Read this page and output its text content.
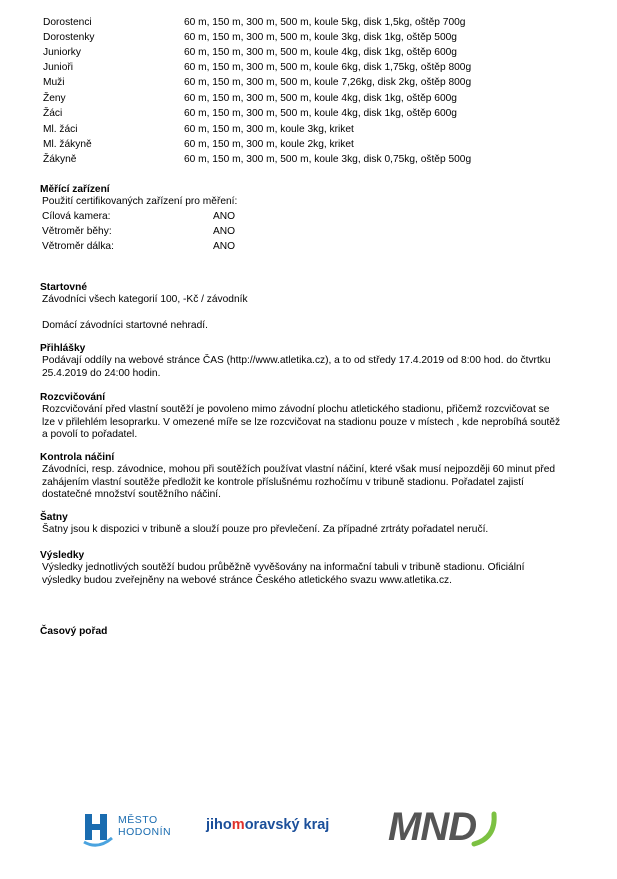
Dorostenci	60 m, 150 m, 300 m, 500 m, koule 5kg, disk 1,5kg, oštěp 700g
Dorostenky	60 m, 150 m, 300 m, 500 m, koule 3kg, disk 1kg, oštěp 500g
Juniorky	60 m, 150 m, 300 m, 500 m, koule 4kg, disk 1kg, oštěp 600g
Junioři	60 m, 150 m, 300 m, 500 m, koule 6kg, disk 1,75kg, oštěp 800g
Muži	60 m, 150 m, 300 m, 500 m, koule 7,26kg, disk 2kg, oštěp 800g
Ženy	60 m, 150 m, 300 m, 500 m, koule 4kg, disk 1kg, oštěp 600g
Žáci	60 m, 150 m, 300 m, 500 m, koule 4kg, disk 1kg, oštěp 600g
Ml. žáci	60 m, 150 m, 300 m, koule 3kg, kriket
Ml. žákyně	60 m, 150 m, 300 m, koule 2kg, kriket
Žákyně	60 m, 150 m, 300 m, 500 m, koule 3kg, disk 0,75kg, oštěp 500g
Měřící zařízení
Použití certifikovaných zařízení pro měření:
Cílová kamera:	ANO
Větroměr běhy:	ANO
Větroměr dálka:	ANO
Startovné
Závodníci všech kategorií 100, -Kč / závodník
Domácí závodníci startovné nehradí.
Přihlášky
Podávají oddíly na webové stránce ČAS (http://www.atletika.cz), a to od středy 17.4.2019 od 8:00 hod. do čtvrtku 25.4.2019 do 24:00 hodin.
Rozcvičování
Rozcvičování před vlastní soutěží je povoleno mimo závodní plochu atletického stadionu, přičemž rozcvičovat se lze v přilehlém lesoprarku. V omezené míře se lze rozcvičovat na stadionu pouze v místech , kde neprobíhá soutěž a povolí to pořadatel.
Kontrola náčiní
Závodníci, resp. závodnice, mohou při soutěžích používat vlastní náčiní, které však musí nejpozději 60 minut před zahájením vlastní soutěže předložit ke kontrole příslušnému rozhočímu v tribuně stadionu. Pořadatel zajistí dostatečné množství soutěžního náčiní.
Šatny
Šatny jsou k dispozici v tribuně a slouží pouze pro převlečení. Za případné zrtráty pořadatel neručí.
Výsledky
Výsledky jednotlivých soutěží budou průběžně vyvěšovány na informační tabuli v tribuně stadionu. Oficiální výsledky budou zveřejněny na webové stránce Českého atletického svazu www.atletika.cz.
Časový pořad
MĚSTO
HODONÍN jihomoravský kraj MND
